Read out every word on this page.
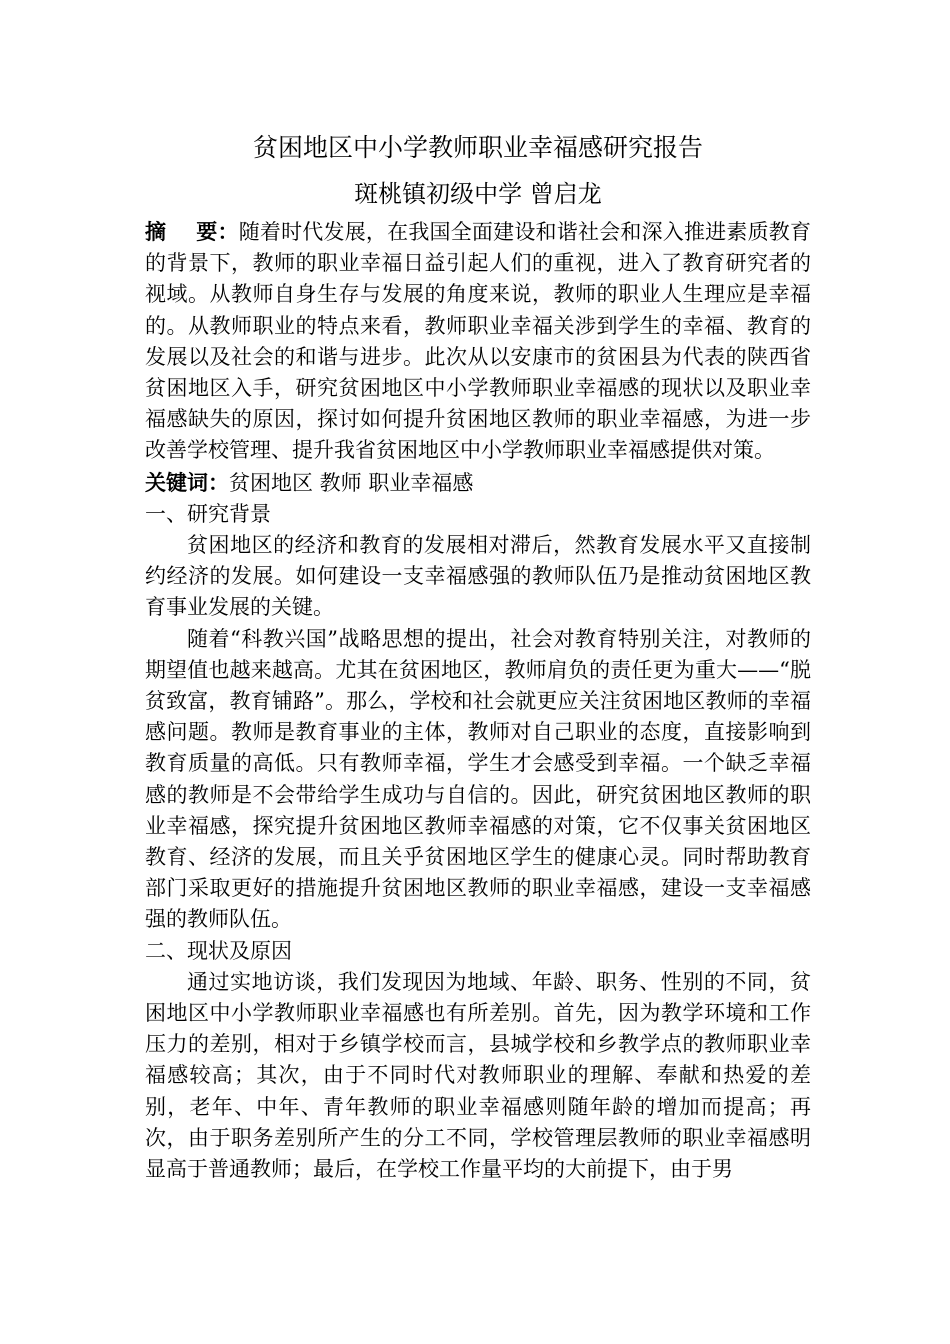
贫困地区中小学教师职业幸福感研究报告
斑桃镇初级中学 曾启龙

摘    要：随着时代发展，在我国全面建设和谐社会和深入推进素质教育的背景下，教师的职业幸福日益引起人们的重视，进入了教育研究者的视域。从教师自身生存与发展的角度来说，教师的职业人生理应是幸福的。从教师职业的特点来看，教师职业幸福关涉到学生的幸福、教育的发展以及社会的和谐与进步。此次从以安康市的贫困县为代表的陕西省贫困地区入手，研究贫困地区中小学教师职业幸福感的现状以及职业幸福感缺失的原因，探讨如何提升贫困地区教师的职业幸福感，为进一步改善学校管理、提升我省贫困地区中小学教师职业幸福感提供对策。

关键词：贫困地区 教师 职业幸福感

一、研究背景

贫困地区的经济和教育的发展相对滞后，然教育发展水平又直接制约经济的发展。如何建设一支幸福感强的教师队伍乃是推动贫困地区教育事业发展的关键。

随着“科教兴国”战略思想的提出，社会对教育特别关注，对教师的期望值也越来越高。尤其在贫困地区，教师肩负的责任更为重大——“脱贫致富，教育铺路”。那么，学校和社会就更应关注贫困地区教师的幸福感问题。教师是教育事业的主体，教师对自己职业的态度，直接影响到教育质量的高低。只有教师幸福，学生才会感受到幸福。一个缺乏幸福感的教师是不会带给学生成功与自信的。因此，研究贫困地区教师的职业幸福感，探究提升贫困地区教师幸福感的对策，它不仅事关贫困地区教育、经济的发展，而且关乎贫困地区学生的健康心灵。同时帮助教育部门采取更好的措施提升贫困地区教师的职业幸福感，建设一支幸福感强的教师队伍。

二、现状及原因

通过实地访谈，我们发现因为地域、年龄、职务、性别的不同，贫困地区中小学教师职业幸福感也有所差别。首先，因为教学环境和工作压力的差别，相对于乡镇学校而言，县城学校和乡教学点的教师职业幸福感较高；其次，由于不同时代对教师职业的理解、奉献和热爱的差别，老年、中年、青年教师的职业幸福感则随年龄的增加而提高；再次，由于职务差别所产生的分工不同，学校管理层教师的职业幸福感明显高于普通教师；最后，在学校工作量平均的大前提下，由于男
